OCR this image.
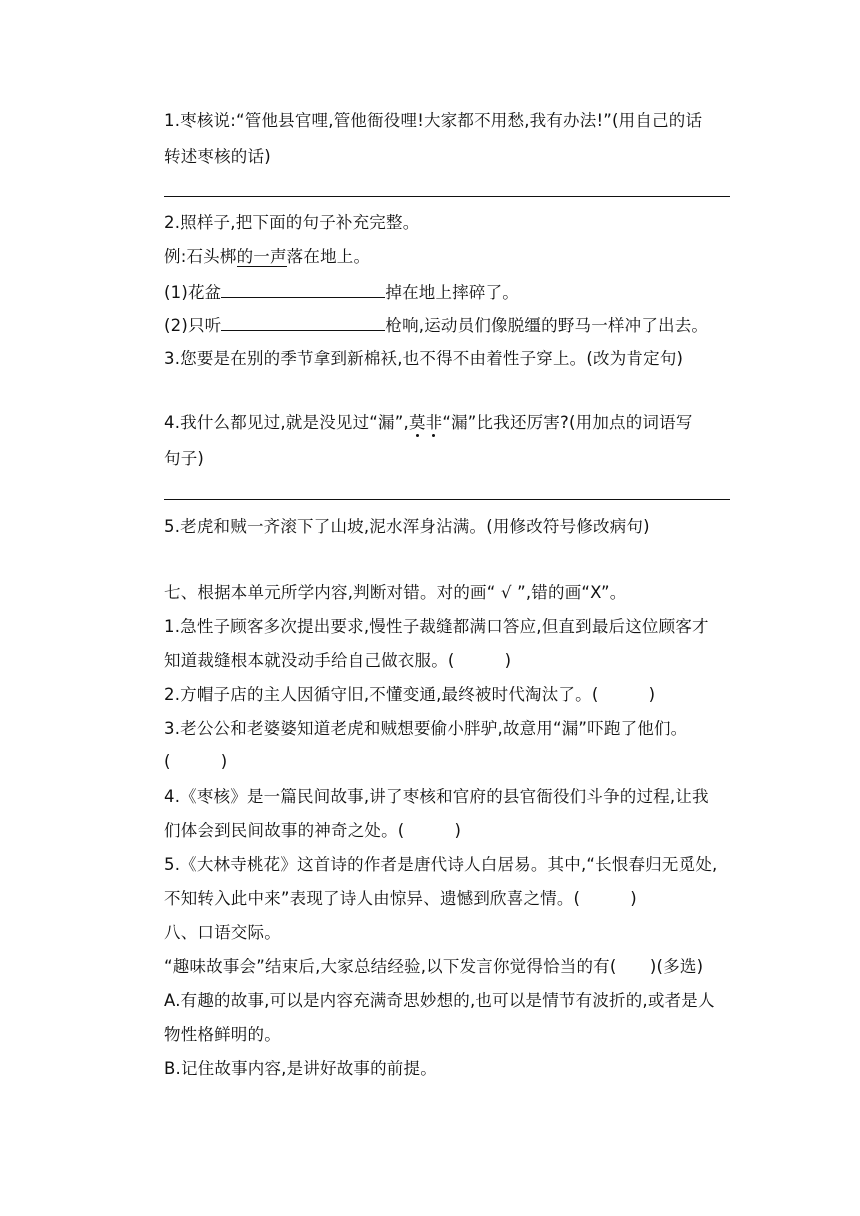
1.枣核说:“管他县官哩,管他衙役哩!大家都不用愁,我有办法!”(用自己的话
转述枣核的话)
2.照样子,把下面的句子补充完整。
例:石头梆的一声落在地上。
(1)花盆	掉在地上摔碎了。
(2)只听	枪响,运动员们像脱缰的野马一样冲了出去。
3.您要是在别的季节拿到新棉袄,也不得不由着性子穿上。(改为肯定句)
4.我什么都见过,就是没见过“漏”,莫非“漏”比我还厉害?(用加点的词语写
句子)
5.老虎和贼一齐滚下了山坡,泥水浑身沾满。(用修改符号修改病句)
七、根据本单元所学内容,判断对错。对的画“ √ ”,错的画“X”。
1.急性子顾客多次提出要求,慢性子裁缝都满口答应,但直到最后这位顾客才
知道裁缝根本就没动手给自己做衣服。(　　　)
2.方帽子店的主人因循守旧,不懂变通,最终被时代淘汰了。(　　　)
3.老公公和老婆婆知道老虎和贼想要偷小胖驴,故意用“漏”吓跑了他们。
(　　　)
4.《枣核》是一篇民间故事,讲了枣核和官府的县官衙役们斗争的过程,让我
们体会到民间故事的神奇之处。(　　　)
5.《大林寺桃花》这首诗的作者是唐代诗人白居易。其中,“长恨春归无觅处,
不知转入此中来”表现了诗人由惊异、遗憾到欣喜之情。(　　　)
八、口语交际。
“趣味故事会”结束后,大家总结经验,以下发言你觉得恰当的有(　　)(多选)
A.有趣的故事,可以是内容充满奇思妙想的,也可以是情节有波折的,或者是人
物性格鲜明的。
B.记住故事内容,是讲好故事的前提。
